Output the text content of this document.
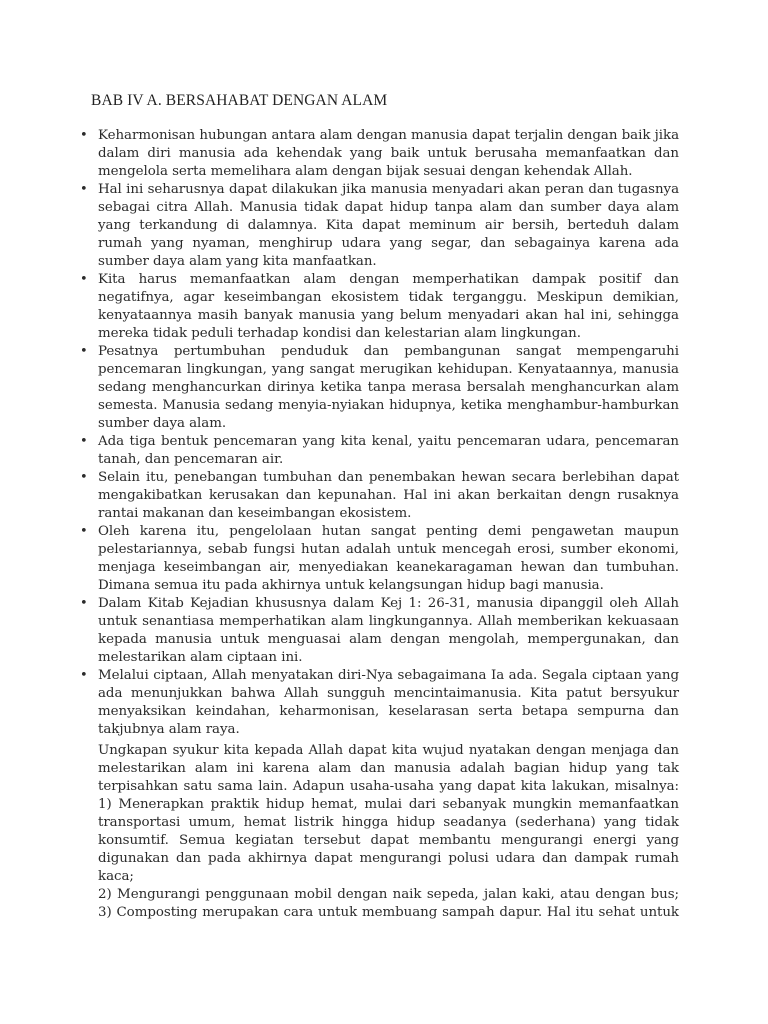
BAB IV A. BERSAHABAT DENGAN ALAM
• Keharmonisan hubungan antara alam dengan manusia dapat terjalin dengan baik jika dalam diri manusia ada kehendak yang baik untuk berusaha memanfaatkan dan mengelola serta memelihara alam dengan bijak sesuai dengan kehendak Allah.
• Hal ini seharusnya dapat dilakukan jika manusia menyadari akan peran dan tugasnya sebagai citra Allah. Manusia tidak dapat hidup tanpa alam dan sumber daya alam yang terkandung di dalamnya. Kita dapat meminum air bersih, berteduh dalam rumah yang nyaman, menghirup udara yang segar, dan sebagainya karena ada sumber daya alam yang kita manfaatkan.
• Kita harus memanfaatkan alam dengan memperhatikan dampak positif dan negatifnya, agar keseimbangan ekosistem tidak terganggu. Meskipun demikian, kenyataannya masih banyak manusia yang belum menyadari akan hal ini, sehingga mereka tidak peduli terhadap kondisi dan kelestarian alam lingkungan.
• Pesatnya pertumbuhan penduduk dan pembangunan sangat mempengaruhi pencemaran lingkungan, yang sangat merugikan kehidupan. Kenyataannya, manusia sedang menghancurkan dirinya ketika tanpa merasa bersalah menghancurkan alam semesta. Manusia sedang menyia-nyiakan hidupnya, ketika menghambur-hamburkan sumber daya alam.
• Ada tiga bentuk pencemaran yang kita kenal, yaitu pencemaran udara, pencemaran tanah, dan pencemaran air.
• Selain itu, penebangan tumbuhan dan penembakan hewan secara berlebihan dapat mengakibatkan kerusakan dan kepunahan. Hal ini akan berkaitan dengn rusaknya rantai makanan dan keseimbangan ekosistem.
• Oleh karena itu, pengelolaan hutan sangat penting demi pengawetan maupun pelestariannya, sebab fungsi hutan adalah untuk mencegah erosi, sumber ekonomi, menjaga keseimbangan air, menyediakan keanekaragaman hewan dan tumbuhan. Dimana semua itu pada akhirnya untuk kelangsungan hidup bagi manusia.
• Dalam Kitab Kejadian khususnya dalam Kej 1: 26-31, manusia dipanggil oleh Allah untuk senantiasa memperhatikan alam lingkungannya. Allah memberikan kekuasaan kepada manusia untuk menguasai alam dengan mengolah, mempergunakan, dan melestarikan alam ciptaan ini.
• Melalui ciptaan, Allah menyatakan diri-Nya sebagaimana Ia ada. Segala ciptaan yang ada menunjukkan bahwa Allah sungguh mencintaimanusia. Kita patut bersyukur menyaksikan keindahan, keharmonisan, keselarasan serta betapa sempurna dan takjubnya alam raya.
Ungkapan syukur kita kepada Allah dapat kita wujud nyatakan dengan menjaga dan
melestarikan alam ini karena alam dan manusia adalah bagian hidup yang tak
terpisahkan satu sama lain. Adapun usaha-usaha yang dapat kita lakukan, misalnya:
1) Menerapkan praktik hidup hemat, mulai dari sebanyak mungkin memanfaatkan
transportasi umum, hemat listrik hingga hidup seadanya (sederhana) yang tidak
konsumtif. Semua kegiatan tersebut dapat membantu mengurangi energi yang
digunakan dan pada akhirnya dapat mengurangi polusi udara dan dampak rumah kaca;
2) Mengurangi penggunaan mobil dengan naik sepeda, jalan kaki, atau dengan bus;
3) Composting merupakan cara untuk membuang sampah dapur. Hal itu sehat untuk
